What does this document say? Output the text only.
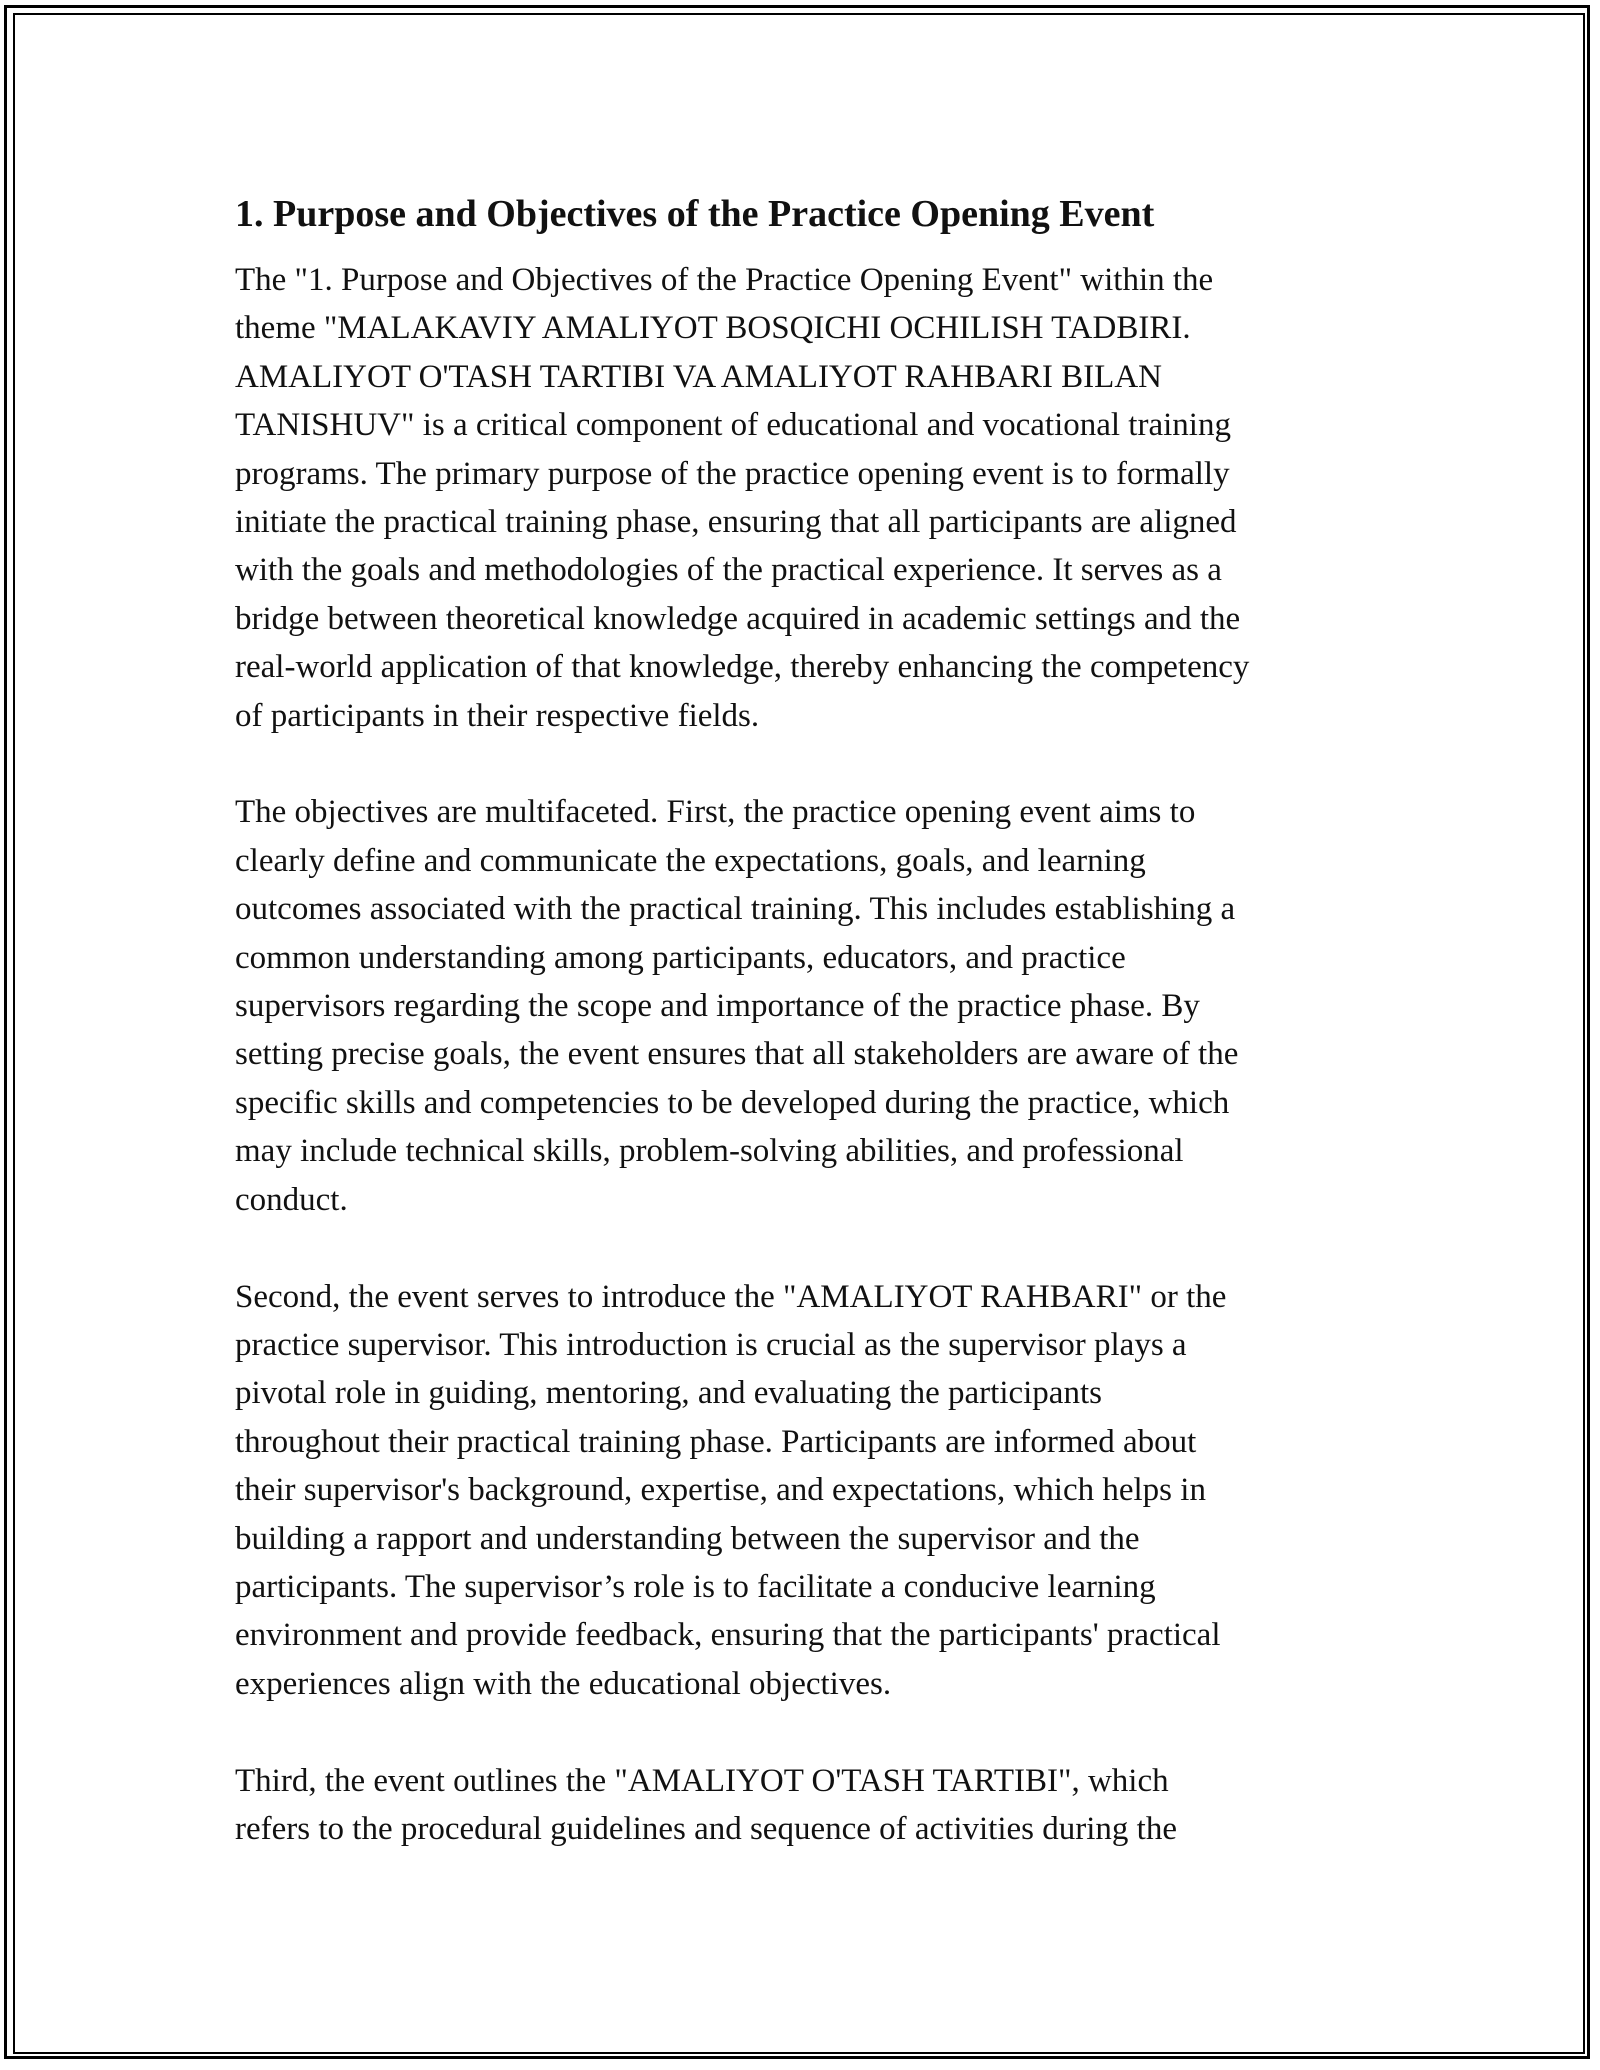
1. Purpose and Objectives of the Practice Opening Event
The "1. Purpose and Objectives of the Practice Opening Event" within the
theme "MALAKAVIY AMALIYOT BOSQICHI OCHILISH TADBIRI.
AMALIYOT O'TASH TARTIBI VA AMALIYOT RAHBARI BILAN
TANISHUV" is a critical component of educational and vocational training
programs. The primary purpose of the practice opening event is to formally
initiate the practical training phase, ensuring that all participants are aligned
with the goals and methodologies of the practical experience. It serves as a
bridge between theoretical knowledge acquired in academic settings and the
real-world application of that knowledge, thereby enhancing the competency
of participants in their respective fields.
The objectives are multifaceted. First, the practice opening event aims to
clearly define and communicate the expectations, goals, and learning
outcomes associated with the practical training. This includes establishing a
common understanding among participants, educators, and practice
supervisors regarding the scope and importance of the practice phase. By
setting precise goals, the event ensures that all stakeholders are aware of the
specific skills and competencies to be developed during the practice, which
may include technical skills, problem-solving abilities, and professional
conduct.
Second, the event serves to introduce the "AMALIYOT RAHBARI" or the
practice supervisor. This introduction is crucial as the supervisor plays a
pivotal role in guiding, mentoring, and evaluating the participants
throughout their practical training phase. Participants are informed about
their supervisor's background, expertise, and expectations, which helps in
building a rapport and understanding between the supervisor and the
participants. The supervisor’s role is to facilitate a conducive learning
environment and provide feedback, ensuring that the participants' practical
experiences align with the educational objectives.
Third, the event outlines the "AMALIYOT O'TASH TARTIBI", which
refers to the procedural guidelines and sequence of activities during the
